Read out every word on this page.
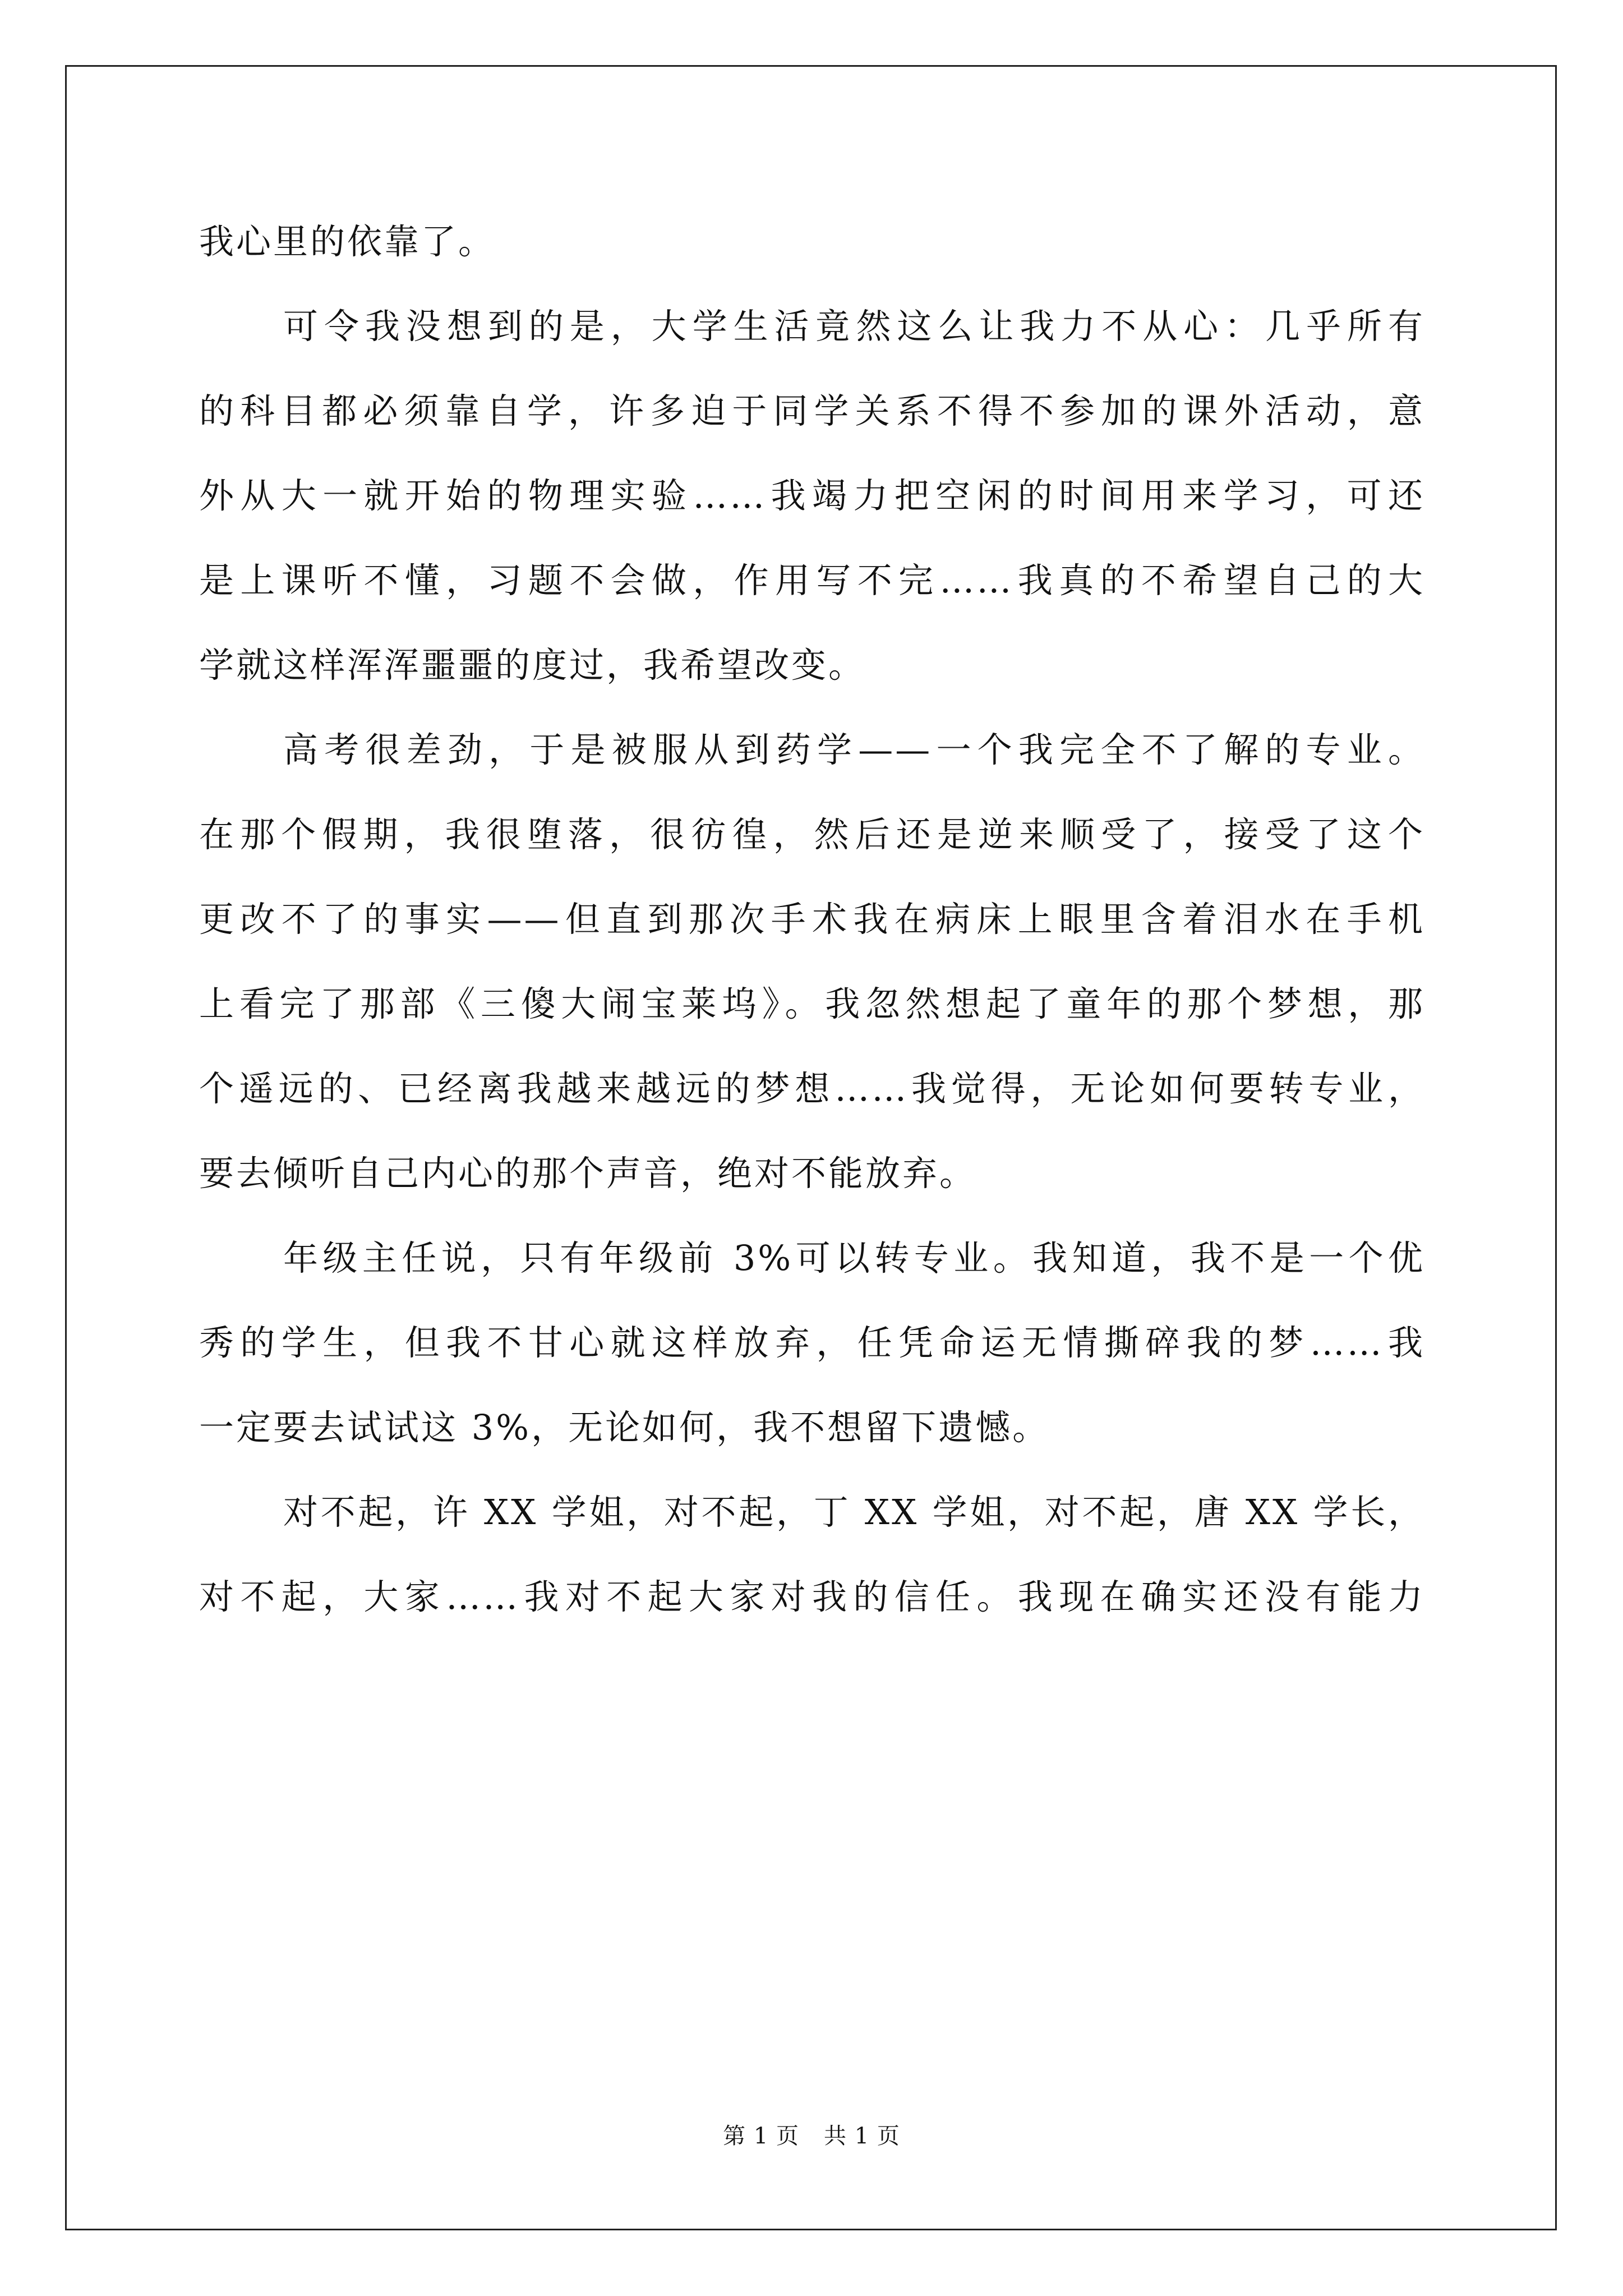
我心里的依靠了。
可令我没想到的是，大学生活竟然这么让我力不从心：几乎所有
的科目都必须靠自学，许多迫于同学关系不得不参加的课外活动，意
外从大一就开始的物理实验……我竭力把空闲的时间用来学习，可还
是上课听不懂，习题不会做，作用写不完……我真的不希望自己的大
学就这样浑浑噩噩的度过，我希望改变。
高考很差劲，于是被服从到药学——一个我完全不了解的专业。
在那个假期，我很堕落，很彷徨，然后还是逆来顺受了，接受了这个
更改不了的事实——但直到那次手术我在病床上眼里含着泪水在手机
上看完了那部《三傻大闹宝莱坞》。我忽然想起了童年的那个梦想，那
个遥远的、已经离我越来越远的梦想……我觉得，无论如何要转专业，
要去倾听自己内心的那个声音，绝对不能放弃。
年级主任说，只有年级前 3%可以转专业。我知道，我不是一个优
秀的学生，但我不甘心就这样放弃，任凭命运无情撕碎我的梦……我
一定要去试试这 3%，无论如何，我不想留下遗憾。
对不起，许 XX 学姐，对不起，丁 XX 学姐，对不起，唐 XX 学长，
对不起，大家……我对不起大家对我的信任。我现在确实还没有能力
第 1 页 共 1 页
